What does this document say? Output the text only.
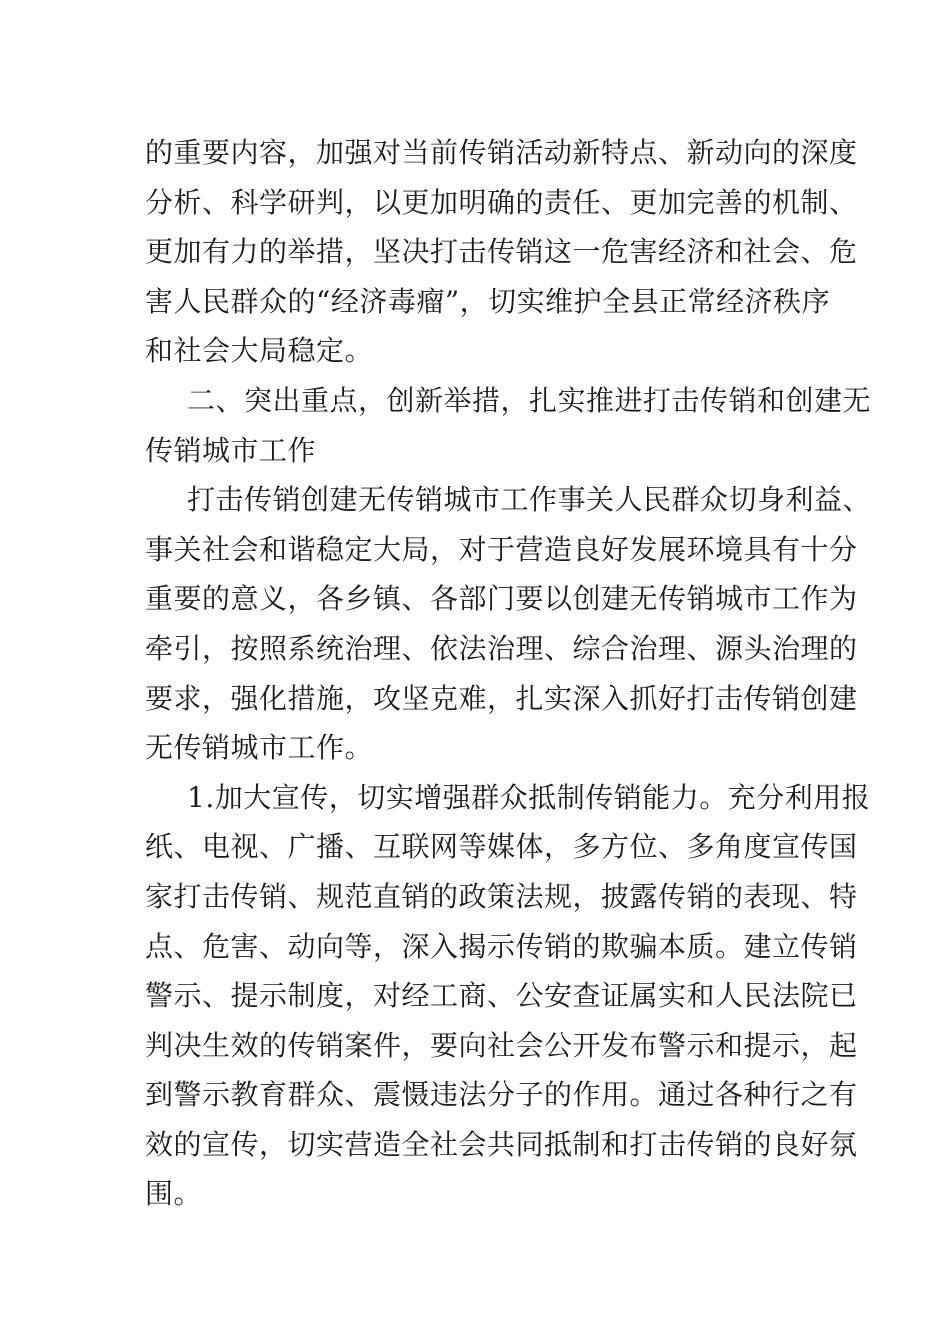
的重要内容，加强对当前传销活动新特点、新动向的深度
分析、科学研判，以更加明确的责任、更加完善的机制、
更加有力的举措，坚决打击传销这一危害经济和社会、危
害人民群众的“经济毒瘤”，切实维护全县正常经济秩序
和社会大局稳定。
二、突出重点，创新举措，扎实推进打击传销和创建无
传销城市工作
打击传销创建无传销城市工作事关人民群众切身利益、
事关社会和谐稳定大局，对于营造良好发展环境具有十分
重要的意义，各乡镇、各部门要以创建无传销城市工作为
牵引，按照系统治理、依法治理、综合治理、源头治理的
要求，强化措施，攻坚克难，扎实深入抓好打击传销创建
无传销城市工作。
1.加大宣传，切实增强群众抵制传销能力。充分利用报
纸、电视、广播、互联网等媒体，多方位、多角度宣传国
家打击传销、规范直销的政策法规，披露传销的表现、特
点、危害、动向等，深入揭示传销的欺骗本质。建立传销
警示、提示制度，对经工商、公安查证属实和人民法院已
判决生效的传销案件，要向社会公开发布警示和提示，起
到警示教育群众、震慑违法分子的作用。通过各种行之有
效的宣传，切实营造全社会共同抵制和打击传销的良好氛
围。
